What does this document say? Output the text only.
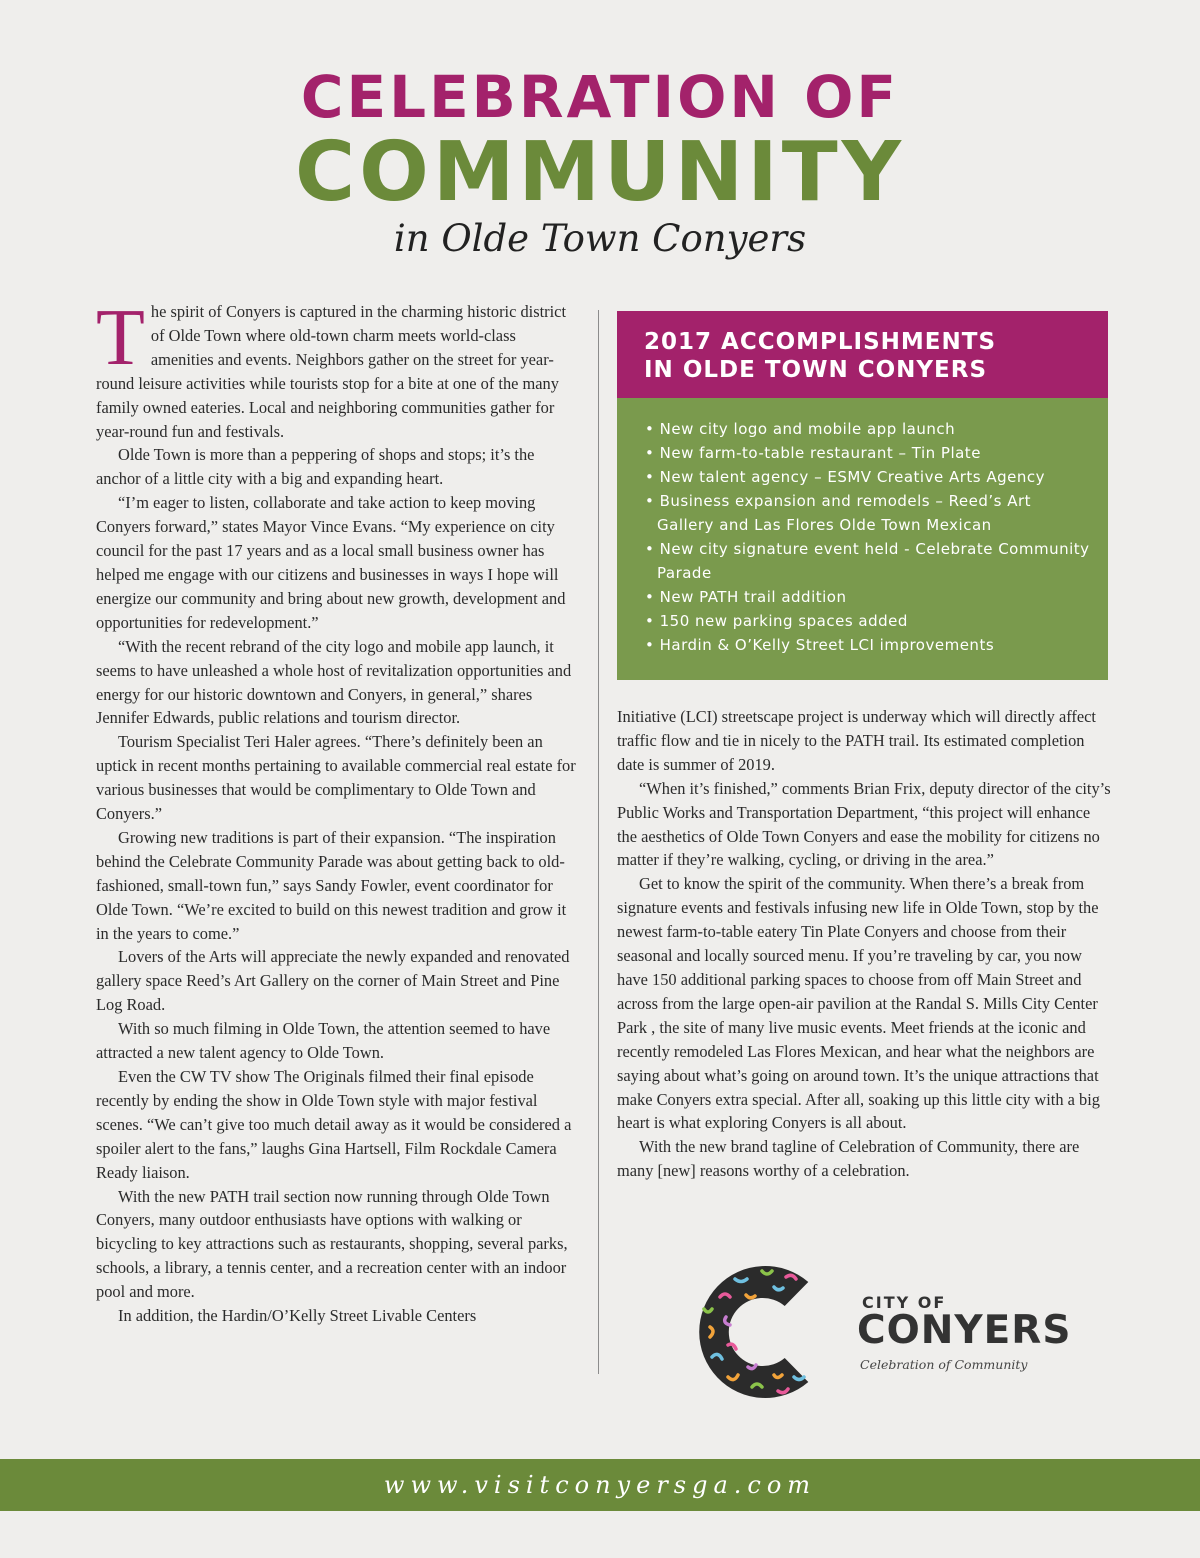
CELEBRATION OF
COMMUNITY
in Olde Town Conyers

The spirit of Conyers is captured in the charming historic district of Olde Town where old-town charm meets world-class amenities and events. Neighbors gather on the street for year-round leisure activities while tourists stop for a bite at one of the many family owned eateries. Local and neighboring communities gather for year-round fun and festivals.

Olde Town is more than a peppering of shops and stops; it’s the anchor of a little city with a big and expanding heart.

“I’m eager to listen, collaborate and take action to keep moving Conyers forward,” states Mayor Vince Evans. “My experience on city council for the past 17 years and as a local small business owner has helped me engage with our citizens and businesses in ways I hope will energize our community and bring about new growth, development and opportunities for redevelopment.”

“With the recent rebrand of the city logo and mobile app launch, it seems to have unleashed a whole host of revitalization opportunities and energy for our historic downtown and Conyers, in general,” shares Jennifer Edwards, public relations and tourism director.

Tourism Specialist Teri Haler agrees. “There’s definitely been an uptick in recent months pertaining to available commercial real estate for various businesses that would be complimentary to Olde Town and Conyers.”

Growing new traditions is part of their expansion. “The inspiration behind the Celebrate Community Parade was about getting back to old-fashioned, small-town fun,” says Sandy Fowler, event coordinator for Olde Town. “We’re excited to build on this newest tradition and grow it in the years to come.”

Lovers of the Arts will appreciate the newly expanded and renovated gallery space Reed’s Art Gallery on the corner of Main Street and Pine Log Road.

With so much filming in Olde Town, the attention seemed to have attracted a new talent agency to Olde Town.

Even the CW TV show The Originals filmed their final episode recently by ending the show in Olde Town style with major festival scenes. “We can’t give too much detail away as it would be considered a spoiler alert to the fans,” laughs Gina Hartsell, Film Rockdale Camera Ready liaison.

With the new PATH trail section now running through Olde Town Conyers, many outdoor enthusiasts have options with walking or bicycling to key attractions such as restaurants, shopping, several parks, schools, a library, a tennis center, and a recreation center with an indoor pool and more.

In addition, the Hardin/O’Kelly Street Livable Centers

2017 ACCOMPLISHMENTS
IN OLDE TOWN CONYERS
• New city logo and mobile app launch
• New farm-to-table restaurant – Tin Plate
• New talent agency – ESMV Creative Arts Agency
• Business expansion and remodels – Reed’s Art Gallery and Las Flores Olde Town Mexican
• New city signature event held - Celebrate Community Parade
• New PATH trail addition
• 150 new parking spaces added
• Hardin & O’Kelly Street LCI improvements

Initiative (LCI) streetscape project is underway which will directly affect traffic flow and tie in nicely to the PATH trail. Its estimated completion date is summer of 2019.

“When it’s finished,” comments Brian Frix, deputy director of the city’s Public Works and Transportation Department, “this project will enhance the aesthetics of Olde Town Conyers and ease the mobility for citizens no matter if they’re walking, cycling, or driving in the area.”

Get to know the spirit of the community. When there’s a break from signature events and festivals infusing new life in Olde Town, stop by the newest farm-to-table eatery Tin Plate Conyers and choose from their seasonal and locally sourced menu. If you’re traveling by car, you now have 150 additional parking spaces to choose from off Main Street and across from the large open-air pavilion at the Randal S. Mills City Center Park , the site of many live music events. Meet friends at the iconic and recently remodeled Las Flores Mexican, and hear what the neighbors are saying about what’s going on around town. It’s the unique attractions that make Conyers extra special. After all, soaking up this little city with a big heart is what exploring Conyers is all about.

With the new brand tagline of Celebration of Community, there are many [new] reasons worthy of a celebration.

CITY OF
CONYERS
Celebration of Community
www.visitconyersga.com
